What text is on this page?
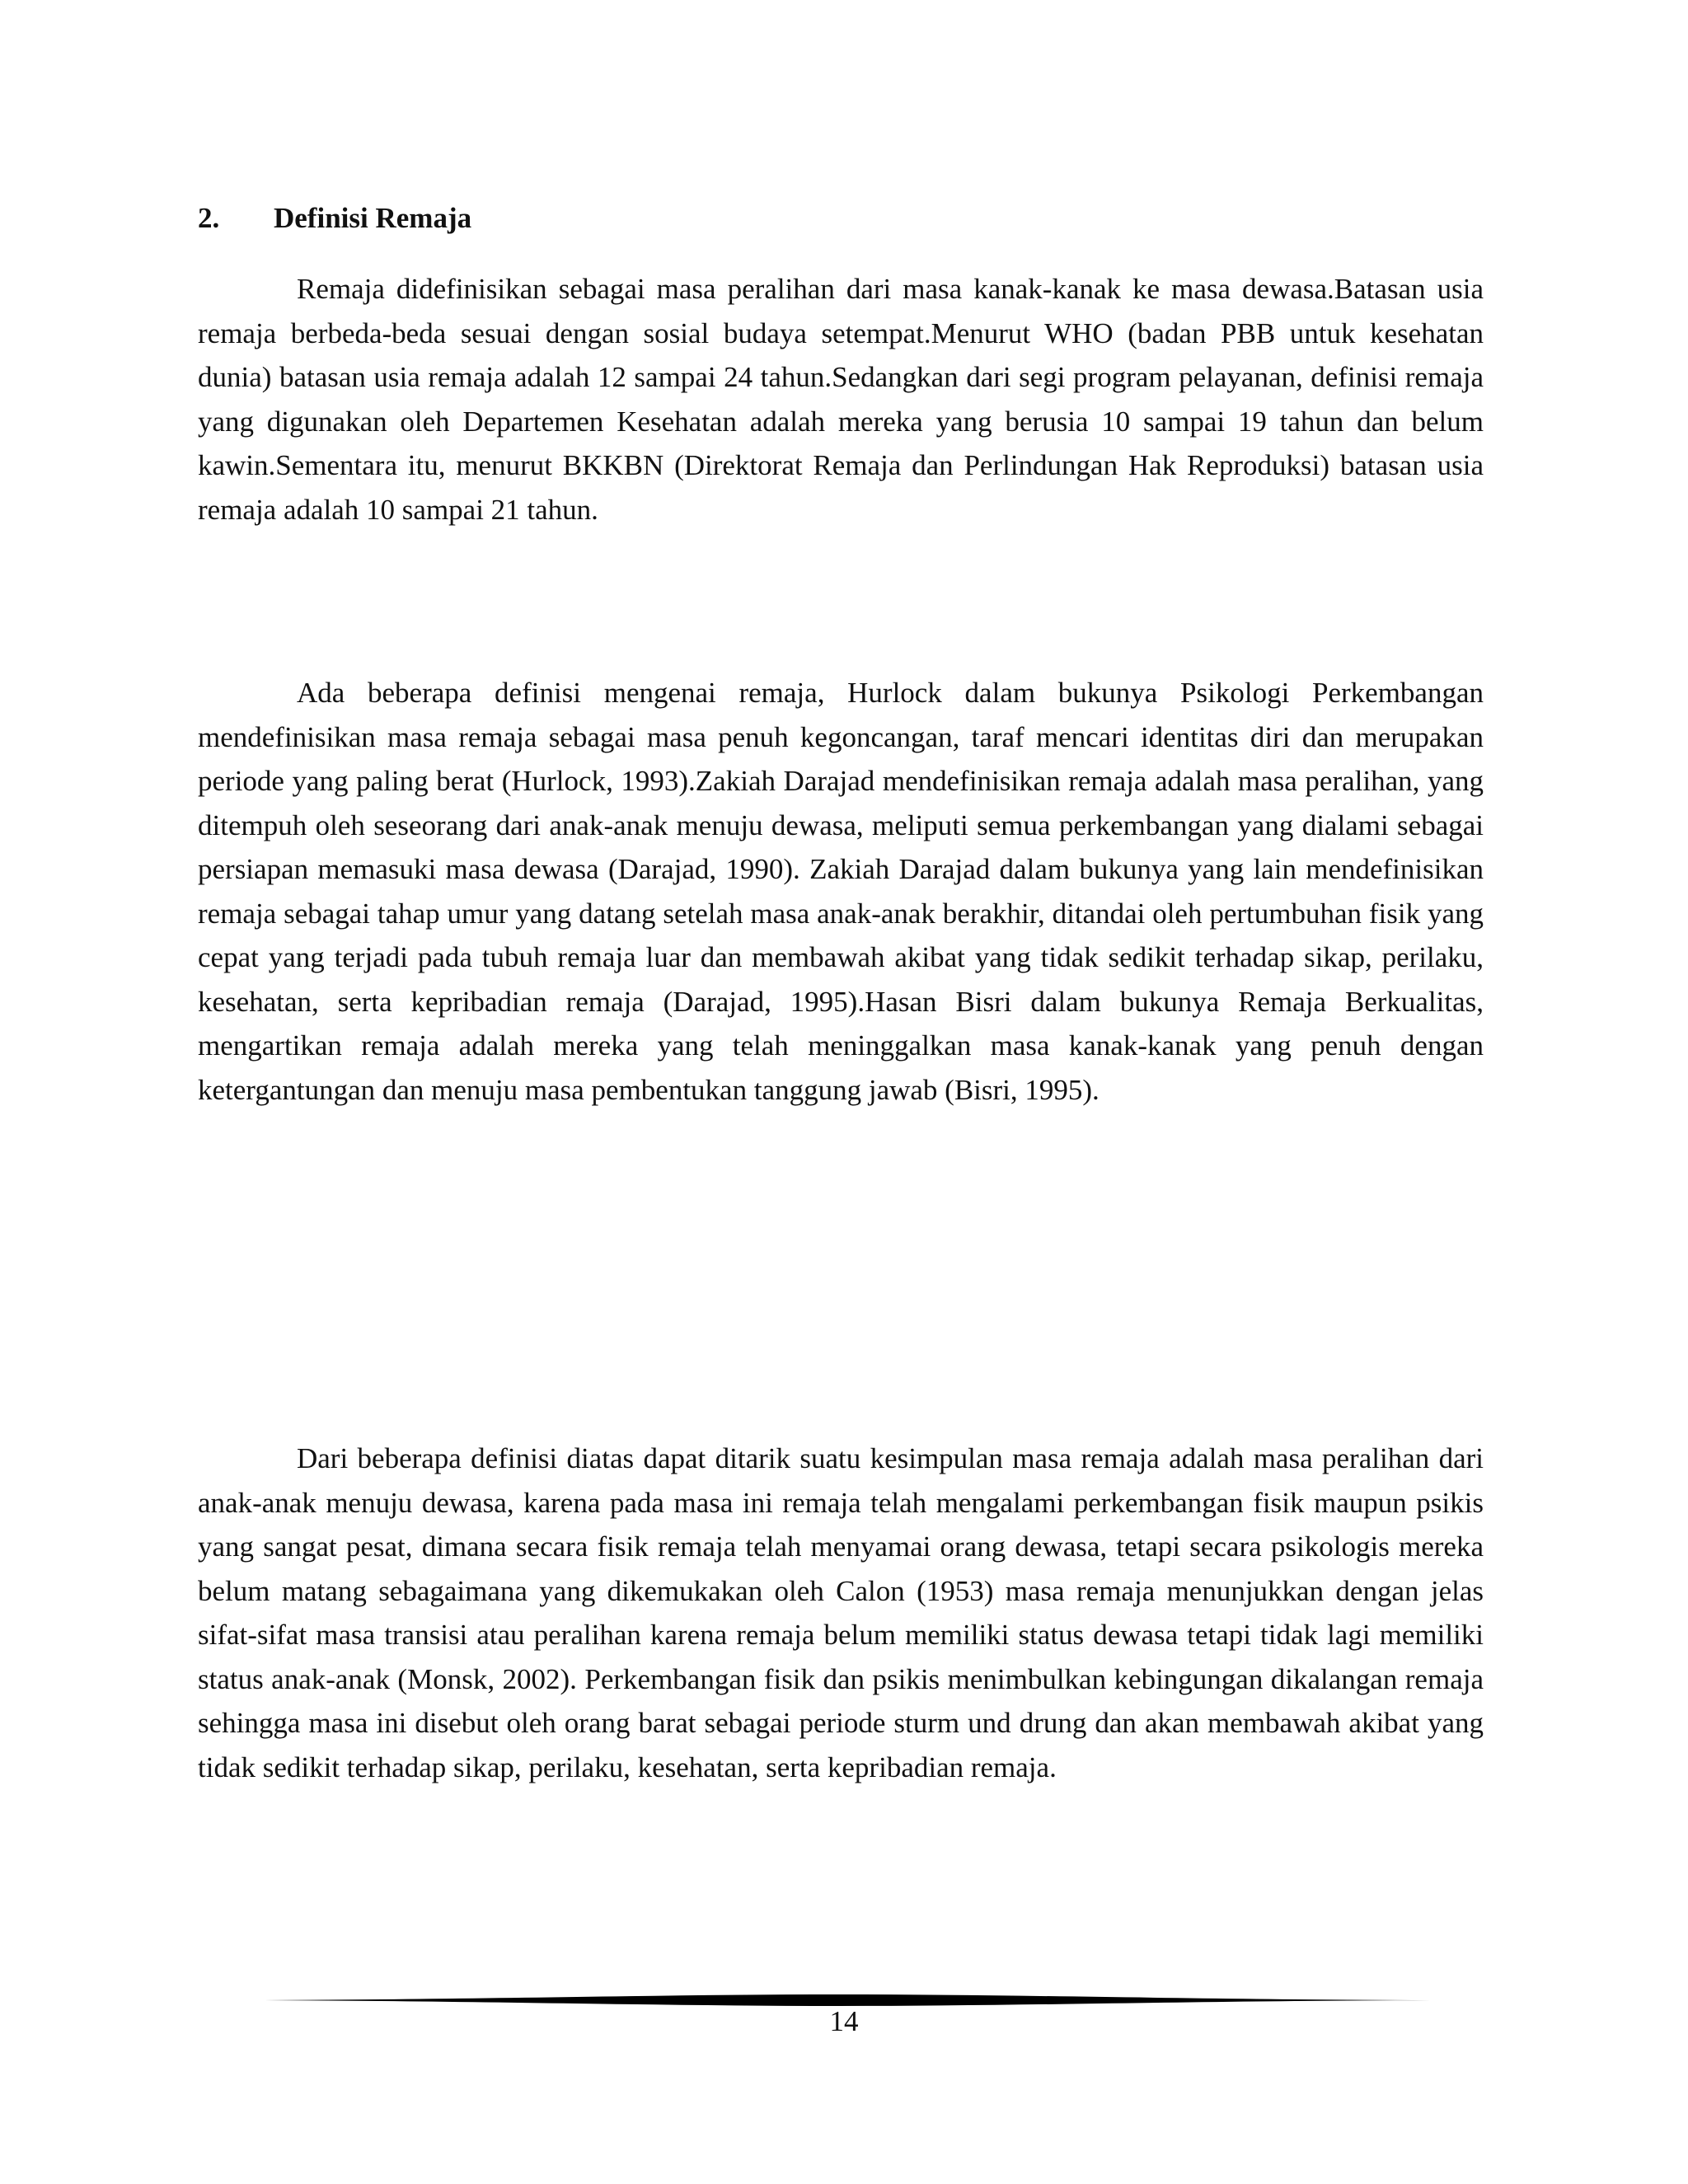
2.	Definisi Remaja

Remaja didefinisikan sebagai masa peralihan dari masa kanak-kanak ke masa dewasa.Batasan usia remaja berbeda-beda sesuai dengan sosial budaya setempat.Menurut WHO (badan PBB untuk kesehatan dunia) batasan usia remaja adalah 12 sampai 24 tahun.Sedangkan dari segi program pelayanan, definisi remaja yang digunakan oleh Departemen Kesehatan adalah mereka yang berusia 10 sampai 19 tahun dan belum kawin.Sementara itu, menurut BKKBN (Direktorat Remaja dan Perlindungan Hak Reproduksi) batasan usia remaja adalah 10 sampai 21 tahun.

Ada beberapa definisi mengenai remaja, Hurlock dalam bukunya Psikologi Perkembangan mendefinisikan masa remaja sebagai masa penuh kegoncangan, taraf mencari identitas diri dan merupakan periode yang paling berat (Hurlock, 1993).Zakiah Darajad mendefinisikan remaja adalah masa peralihan, yang ditempuh oleh seseorang dari anak-anak menuju dewasa, meliputi semua perkembangan yang dialami sebagai persiapan memasuki masa dewasa (Darajad, 1990). Zakiah Darajad dalam bukunya yang lain mendefinisikan remaja sebagai tahap umur yang datang setelah masa anak-anak berakhir, ditandai oleh pertumbuhan fisik yang cepat yang terjadi pada tubuh remaja luar dan membawah akibat yang tidak sedikit terhadap sikap, perilaku, kesehatan, serta kepribadian remaja (Darajad, 1995).Hasan Bisri dalam bukunya Remaja Berkualitas, mengartikan remaja adalah mereka yang telah meninggalkan masa kanak-kanak yang penuh dengan ketergantungan dan menuju masa pembentukan tanggung jawab (Bisri, 1995).

Dari beberapa definisi diatas dapat ditarik suatu kesimpulan masa remaja adalah masa peralihan dari anak-anak menuju dewasa, karena pada masa ini remaja telah mengalami perkembangan fisik maupun psikis yang sangat pesat, dimana secara fisik remaja telah menyamai orang dewasa, tetapi secara psikologis mereka belum matang sebagaimana yang dikemukakan oleh Calon (1953) masa remaja menunjukkan dengan jelas sifat-sifat masa transisi atau peralihan karena remaja belum memiliki status dewasa tetapi tidak lagi memiliki status anak-anak (Monsk, 2002). Perkembangan fisik dan psikis menimbulkan kebingungan dikalangan remaja sehingga masa ini disebut oleh orang barat sebagai periode sturm und drung dan akan membawah akibat yang tidak sedikit terhadap sikap, perilaku, kesehatan, serta kepribadian remaja.

14
